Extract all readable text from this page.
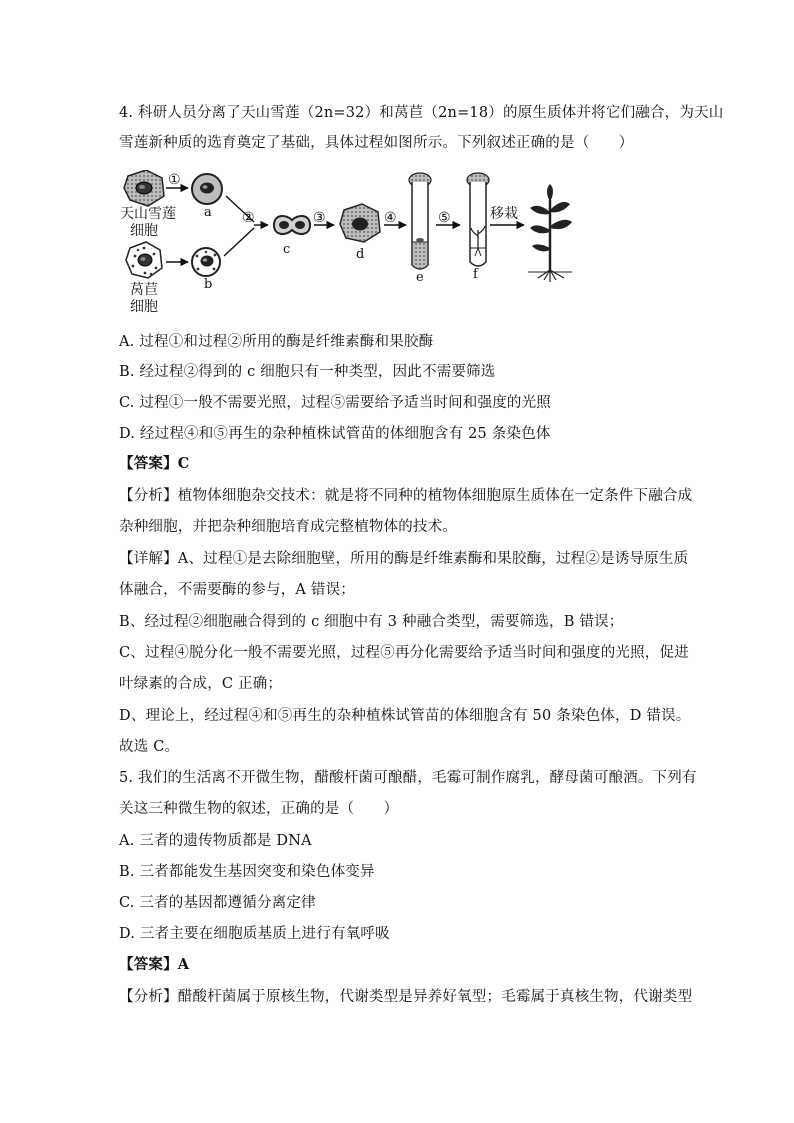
4. 科研人员分离了天山雪莲（2n=32）和莴苣（2n=18）的原生质体并将它们融合，为天山
雪莲新种质的选育奠定了基础，具体过程如图所示。下列叙述正确的是（　　）
天山雪莲
细胞
①
a
莴苣
细胞
b
②
c
③
d
④
e
⑤
f
移栽
A. 过程①和过程②所用的酶是纤维素酶和果胶酶
B. 经过程②得到的 c 细胞只有一种类型，因此不需要筛选
C. 过程①一般不需要光照，过程⑤需要给予适当时间和强度的光照
D. 经过程④和⑤再生的杂种植株试管苗的体细胞含有 25 条染色体
【答案】C
【分析】植物体细胞杂交技术：就是将不同种的植物体细胞原生质体在一定条件下融合成
杂种细胞，并把杂种细胞培育成完整植物体的技术。
【详解】A、过程①是去除细胞壁，所用的酶是纤维素酶和果胶酶，过程②是诱导原生质
体融合，不需要酶的参与，A 错误；
B、经过程②细胞融合得到的 c 细胞中有 3 种融合类型，需要筛选，B 错误；
C、过程④脱分化一般不需要光照，过程⑤再分化需要给予适当时间和强度的光照，促进
叶绿素的合成，C 正确；
D、理论上，经过程④和⑤再生的杂种植株试管苗的体细胞含有 50 条染色体，D 错误。
故选 C。
5. 我们的生活离不开微生物，醋酸杆菌可酿醋，毛霉可制作腐乳，酵母菌可酿酒。下列有
关这三种微生物的叙述，正确的是（　　）
A. 三者的遗传物质都是 DNA
B. 三者都能发生基因突变和染色体变异
C. 三者的基因都遵循分离定律
D. 三者主要在细胞质基质上进行有氧呼吸
【答案】A
【分析】醋酸杆菌属于原核生物，代谢类型是异养好氧型；毛霉属于真核生物，代谢类型
